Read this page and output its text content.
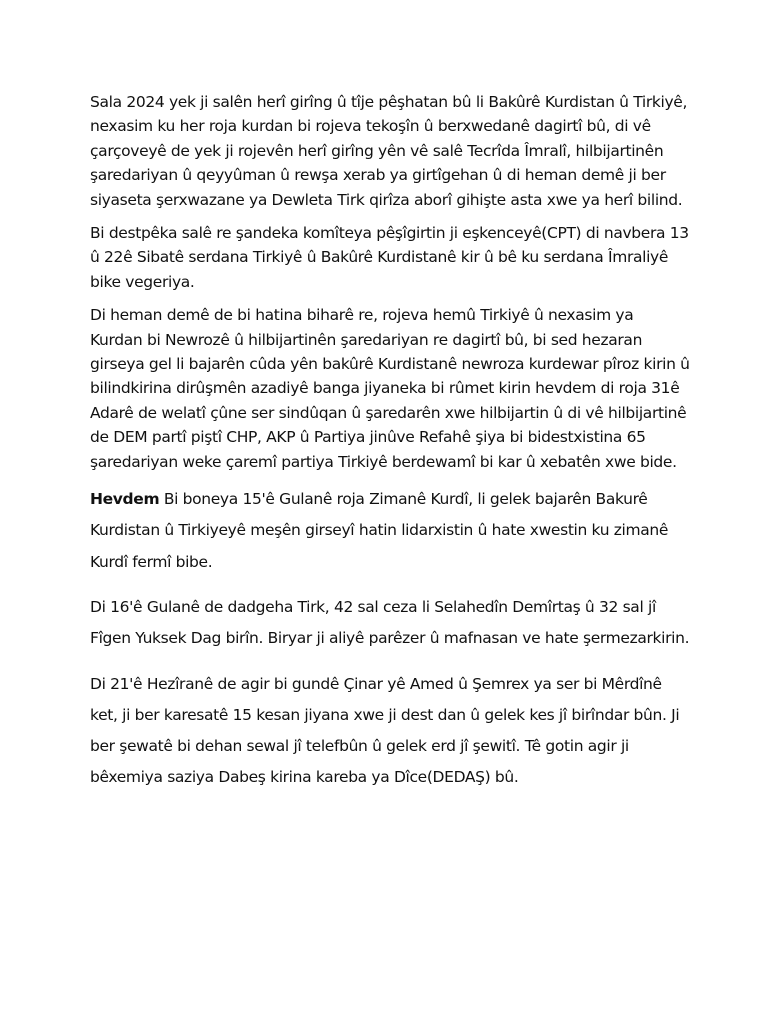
Sala 2024 yek ji salên herî girîng û tîje pêşhatan bû li Bakûrê Kurdistan û Tirkiyê, nexasim ku her roja kurdan bi rojeva tekoşîn û berxwedanê dagirtî bû, di vê çarçoveyê de yek ji rojevên herî girîng yên vê salê Tecrîda Îmralî, hilbijartinên şaredariyan û qeyyûman û rewşa xerab ya girtîgehan û di heman demê ji ber siyaseta şerxwazane ya Dewleta Tirk qirîza aborî gihişte asta xwe ya herî bilind.

Bi destpêka salê re şandeka komîteya pêşîgirtin ji eşkenceyê(CPT) di navbera 13 û 22ê Sibatê serdana Tirkiyê û Bakûrê Kurdistanê kir û bê ku serdana Îmraliyê bike vegeriya.

Di heman demê de bi hatina biharê re, rojeva hemû Tirkiyê û nexasim ya Kurdan bi Newrozê û hilbijartinên şaredariyan re dagirtî bû, bi sed hezaran girseya gel li bajarên cûda yên bakûrê Kurdistanê newroza kurdewar pîroz kirin û bilindkirina dirûşmên azadiyê banga jiyaneka bi rûmet kirin hevdem di roja 31ê Adarê de welatî çûne ser sindûqan û şaredarên xwe hilbijartin û di vê hilbijartinê de DEM partî piştî CHP, AKP û Partiya jinûve Refahê şiya bi bidestxistina 65 şaredariyan weke çaremî partiya Tirkiyê berdewamî bi kar û xebatên xwe bide.

Hevdem Bi boneya 15'ê Gulanê roja Zimanê Kurdî, li gelek bajarên Bakurê Kurdistan û Tirkiyeyê meşên girseyî hatin lidarxistin û hate xwestin ku zimanê Kurdî fermî bibe.

Di 16'ê Gulanê de dadgeha Tirk, 42 sal ceza li Selahedîn Demîrtaş û 32 sal jî Fîgen Yuksek Dag birîn. Biryar ji aliyê parêzer û mafnasan ve hate şermezarkirin.

Di 21'ê Hezîranê de agir bi gundê Çinar yê Amed û Şemrex ya ser bi Mêrdînê ket, ji ber karesatê 15 kesan jiyana xwe ji dest dan û gelek kes jî birîndar bûn. Ji ber şewatê bi dehan sewal jî telefbûn û gelek erd jî şewitî. Tê gotin agir ji bêxemiya saziya Dabeş kirina kareba ya Dîce(DEDAŞ) bû.
